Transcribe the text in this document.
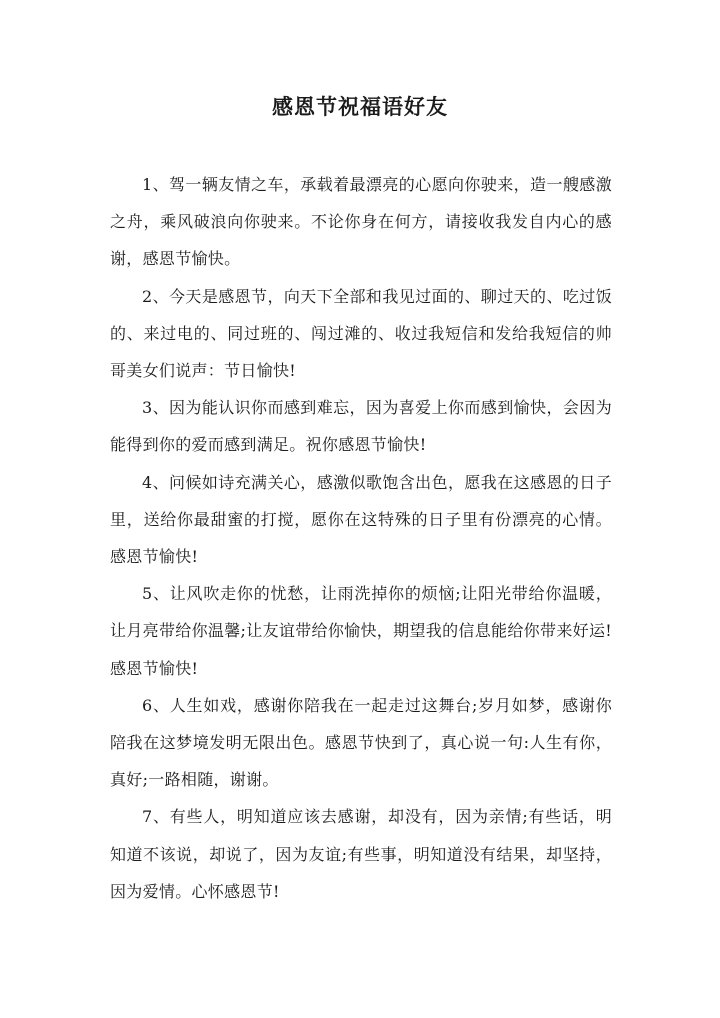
感恩节祝福语好友

1、驾一辆友情之车，承载着最漂亮的心愿向你驶来，造一艘感激之舟，乘风破浪向你驶来。不论你身在何方，请接收我发自内心的感谢，感恩节愉快。

2、今天是感恩节，向天下全部和我见过面的、聊过天的、吃过饭的、来过电的、同过班的、闯过滩的、收过我短信和发给我短信的帅哥美女们说声：节日愉快!

3、因为能认识你而感到难忘，因为喜爱上你而感到愉快，会因为能得到你的爱而感到满足。祝你感恩节愉快!

4、问候如诗充满关心，感激似歌饱含出色，愿我在这感恩的日子里，送给你最甜蜜的打搅，愿你在这特殊的日子里有份漂亮的心情。感恩节愉快!

5、让风吹走你的忧愁，让雨洗掉你的烦恼;让阳光带给你温暖，让月亮带给你温馨;让友谊带给你愉快，期望我的信息能给你带来好运!感恩节愉快!

6、人生如戏，感谢你陪我在一起走过这舞台;岁月如梦，感谢你陪我在这梦境发明无限出色。感恩节快到了，真心说一句:人生有你，真好;一路相随，谢谢。

7、有些人，明知道应该去感谢，却没有，因为亲情;有些话，明知道不该说，却说了，因为友谊;有些事，明知道没有结果，却坚持，因为爱情。心怀感恩节!
